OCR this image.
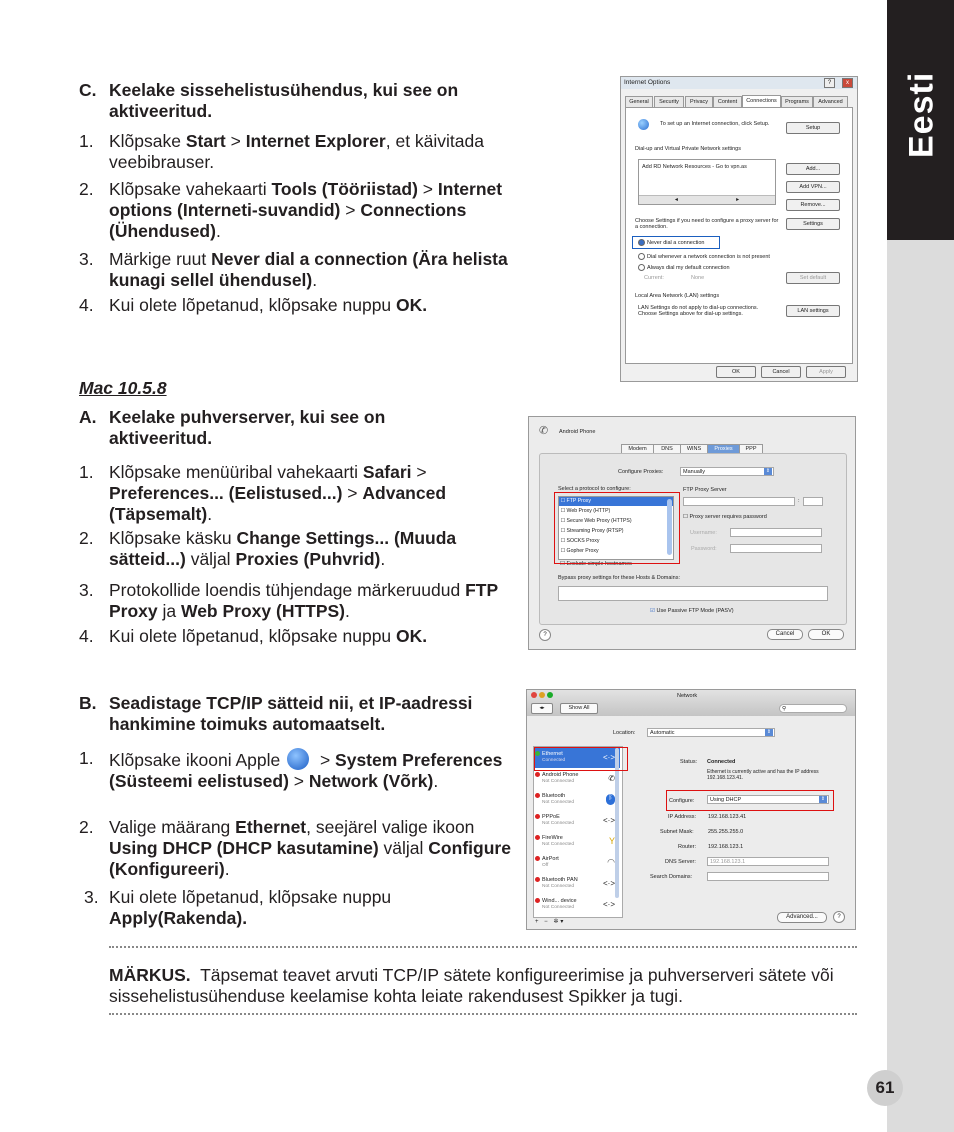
Eesti
61
C. Keelake sissehelistusühendus, kui see on aktiveeritud.
1. Klõpsake Start > Internet Explorer, et käivitada veebibrauser.
2. Klõpsake vahekaarti Tools (Tööriistad) > Internet options (Interneti-suvandid) > Connections (Ühendused).
3. Märkige ruut Never dial a connection (Ära helista kunagi sellel ühendusel).
4. Kui olete lõpetanud, klõpsake nuppu OK.
Mac 10.5.8
A. Keelake puhverserver, kui see on aktiveeritud.
1. Klõpsake menüüribal vahekaarti Safari > Preferences... (Eelistused...) > Advanced (Täpsemalt).
2. Klõpsake käsku Change Settings... (Muuda sätteid...) väljal Proxies (Puhvrid).
3. Protokollide loendis tühjendage märkeruudud FTP Proxy ja Web Proxy (HTTPS).
4. Kui olete lõpetanud, klõpsake nuppu OK.
B. Seadistage TCP/IP sätteid nii, et IP-aadressi hankimine toimuks automaatselt.
1. Klõpsake ikooni Apple  > System Preferences (Süsteemi eelistused) > Network (Võrk).
2. Valige määrang Ethernet, seejärel valige ikoon Using DHCP (DHCP kasutamine) väljal Configure (Konfigureeri).
3. Kui olete lõpetanud, klõpsake nuppu Apply(Rakenda).
MÄRKUS. Täpsemat teavet arvuti TCP/IP sätete konfigureerimise ja puhverserveri sätete või sissehelistusühenduse keelamise kohta leiate rakendusest Spikker ja tugi.
Internet Options	?	x
General	Security	Privacy	Content	Connections	Programs	Advanced
To set up an Internet connection, click Setup.
Setup
Dial-up and Virtual Private Network settings
Add RD Network Resources - Go to vpn.as
◂                                   ▸
Add...
Add VPN...
Remove...
Choose Settings if you need to configure a proxy server for a connection.	Settings
Never dial a connection
Dial whenever a network connection is not present
Always dial my default connection
Current:	None	Set default
Local Area Network (LAN) settings
LAN Settings do not apply to dial-up connections. Choose Settings above for dial-up settings.	LAN settings
OK	Cancel	Apply
✆	Android Phone
Modem	DNS	WINS	Proxies	PPP
Configure Proxies:	Manually	⇕
Select a protocol to configure:
☐ FTP Proxy
☐ Web Proxy (HTTP)
☐ Secure Web Proxy (HTTPS)
☐ Streaming Proxy (RTSP)
☐ SOCKS Proxy
☐ Gopher Proxy
☐ Exclude simple hostnames
FTP Proxy Server
:
☐ Proxy server requires password
Username:
Password:
Bypass proxy settings for these Hosts & Domains:
☑ Use Passive FTP Mode (PASV)
?	Cancel	OK
Network
◂▸	Show All	⚲
Location:	Automatic	⇕
Ethernet
Connected	<·>
Android Phone
Not Connected	✆
Bluetooth
Not Connected
ᛒ
PPPoE
Not Connected	<·>
FireWire
Not Connected	Y
AirPort
Off	◠
Bluetooth PAN
Not Connected	<·>
Wind... device
Not Connected	<·>
+ − ✲▾
Status: Connected
Ethernet is currently active and has the IP address 192.168.123.41.
Configure:	Using DHCP	⇕
IP Address: 192.168.123.41
Subnet Mask:	255.255.255.0
Router: 192.168.123.1
DNS Server:	192.168.123.1
Search Domains:
Advanced...	?
